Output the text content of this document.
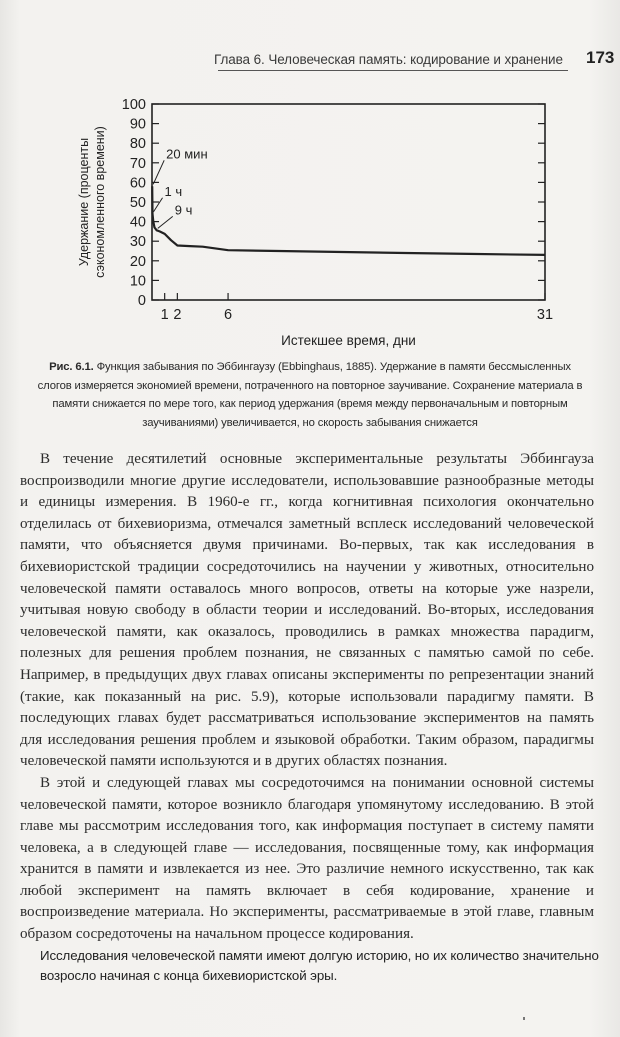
Глава 6. Человеческая память: кодирование и хранение	173
0
10
20
30
40
50
60
70
80
90
100
1 2	6	31
20 мин
1 ч
9 ч
Удержание (проценты сэкономленного времени)
Истекшее время, дни
Рис. 6.1. Функция забывания по Эббингаузу (Ebbinghaus, 1885). Удержание в памяти бессмысленных слогов измеряется экономией времени, потраченного на повторное заучивание. Сохранение материала в памяти снижается по мере того, как период удержания (время между первоначальным и повторным заучиваниями) увеличивается, но скорость забывания снижается

В течение десятилетий основные экспериментальные результаты Эббингауза воспроизводили многие другие исследователи, использовавшие разнообразные методы и единицы измерения. В 1960-е гг., когда когнитивная психология окончательно отделилась от бихевиоризма, отмечался заметный всплеск исследований человеческой памяти, что объясняется двумя причинами. Во-первых, так как исследования в бихевиористской традиции сосредоточились на научении у животных, относительно человеческой памяти оставалось много вопросов, ответы на которые уже назрели, учитывая новую свободу в области теории и исследований. Во-вторых, исследования человеческой памяти, как оказалось, проводились в рамках множества парадигм, полезных для решения проблем познания, не связанных с памятью самой по себе. Например, в предыдущих двух главах описаны эксперименты по репрезентации знаний (такие, как показанный на рис. 5.9), которые использовали парадигму памяти. В последующих главах будет рассматриваться использование экспериментов на память для исследования решения проблем и языковой обработки. Таким образом, парадигмы человеческой памяти используются и в других областях познания.

В этой и следующей главах мы сосредоточимся на понимании основной системы человеческой памяти, которое возникло благодаря упомянутому исследованию. В этой главе мы рассмотрим исследования того, как информация поступает в систему памяти человека, а в следующей главе — исследования, посвященные тому, как информация хранится в памяти и извлекается из нее. Это различие немного искусственно, так как любой эксперимент на память включает в себя кодирование, хранение и воспроизведение материала. Но эксперименты, рассматриваемые в этой главе, главным образом сосредоточены на начальном процессе кодирования.

Исследования человеческой памяти имеют долгую историю, но их количество значительно возросло начиная с конца бихевиористской эры.
